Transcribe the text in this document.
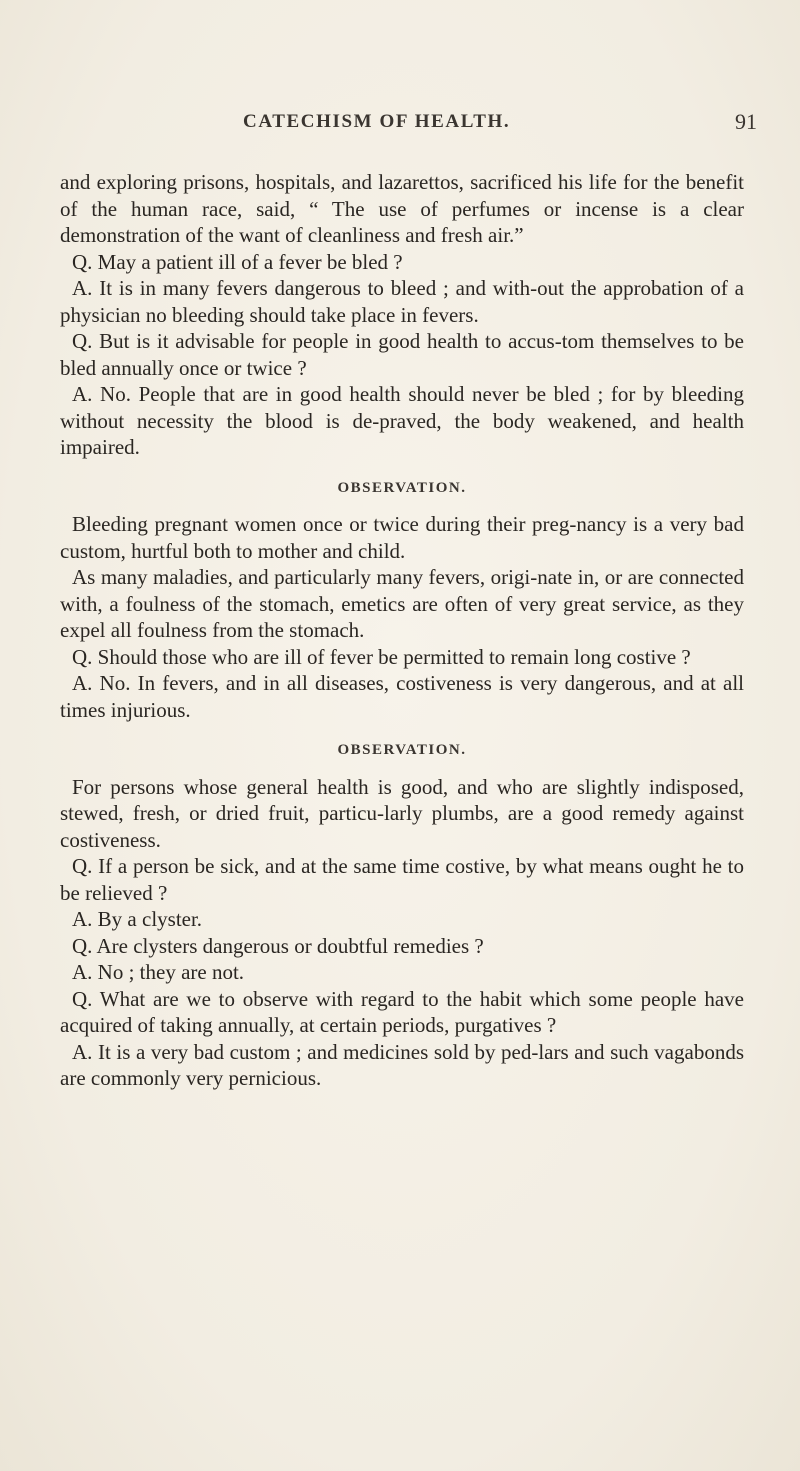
CATECHISM OF HEALTH.	91

and exploring prisons, hospitals, and lazarettos, sacrificed his life for the benefit of the human race, said, “ The use of perfumes or incense is a clear demonstration of the want of cleanliness and fresh air.”

Q. May a patient ill of a fever be bled ?

A. It is in many fevers dangerous to bleed ; and with-out the approbation of a physician no bleeding should take place in fevers.

Q. But is it advisable for people in good health to accus-tom themselves to be bled annually once or twice ?

A. No. People that are in good health should never be bled ; for by bleeding without necessity the blood is de-praved, the body weakened, and health impaired.

OBSERVATION.

Bleeding pregnant women once or twice during their preg-nancy is a very bad custom, hurtful both to mother and child.

As many maladies, and particularly many fevers, origi-nate in, or are connected with, a foulness of the stomach, emetics are often of very great service, as they expel all foulness from the stomach.

Q. Should those who are ill of fever be permitted to remain long costive ?

A. No. In fevers, and in all diseases, costiveness is very dangerous, and at all times injurious.

OBSERVATION.

For persons whose general health is good, and who are slightly indisposed, stewed, fresh, or dried fruit, particu-larly plumbs, are a good remedy against costiveness.

Q. If a person be sick, and at the same time costive, by what means ought he to be relieved ?

A. By a clyster.

Q. Are clysters dangerous or doubtful remedies ?

A. No ; they are not.

Q. What are we to observe with regard to the habit which some people have acquired of taking annually, at certain periods, purgatives ?

A. It is a very bad custom ; and medicines sold by ped-lars and such vagabonds are commonly very pernicious.
